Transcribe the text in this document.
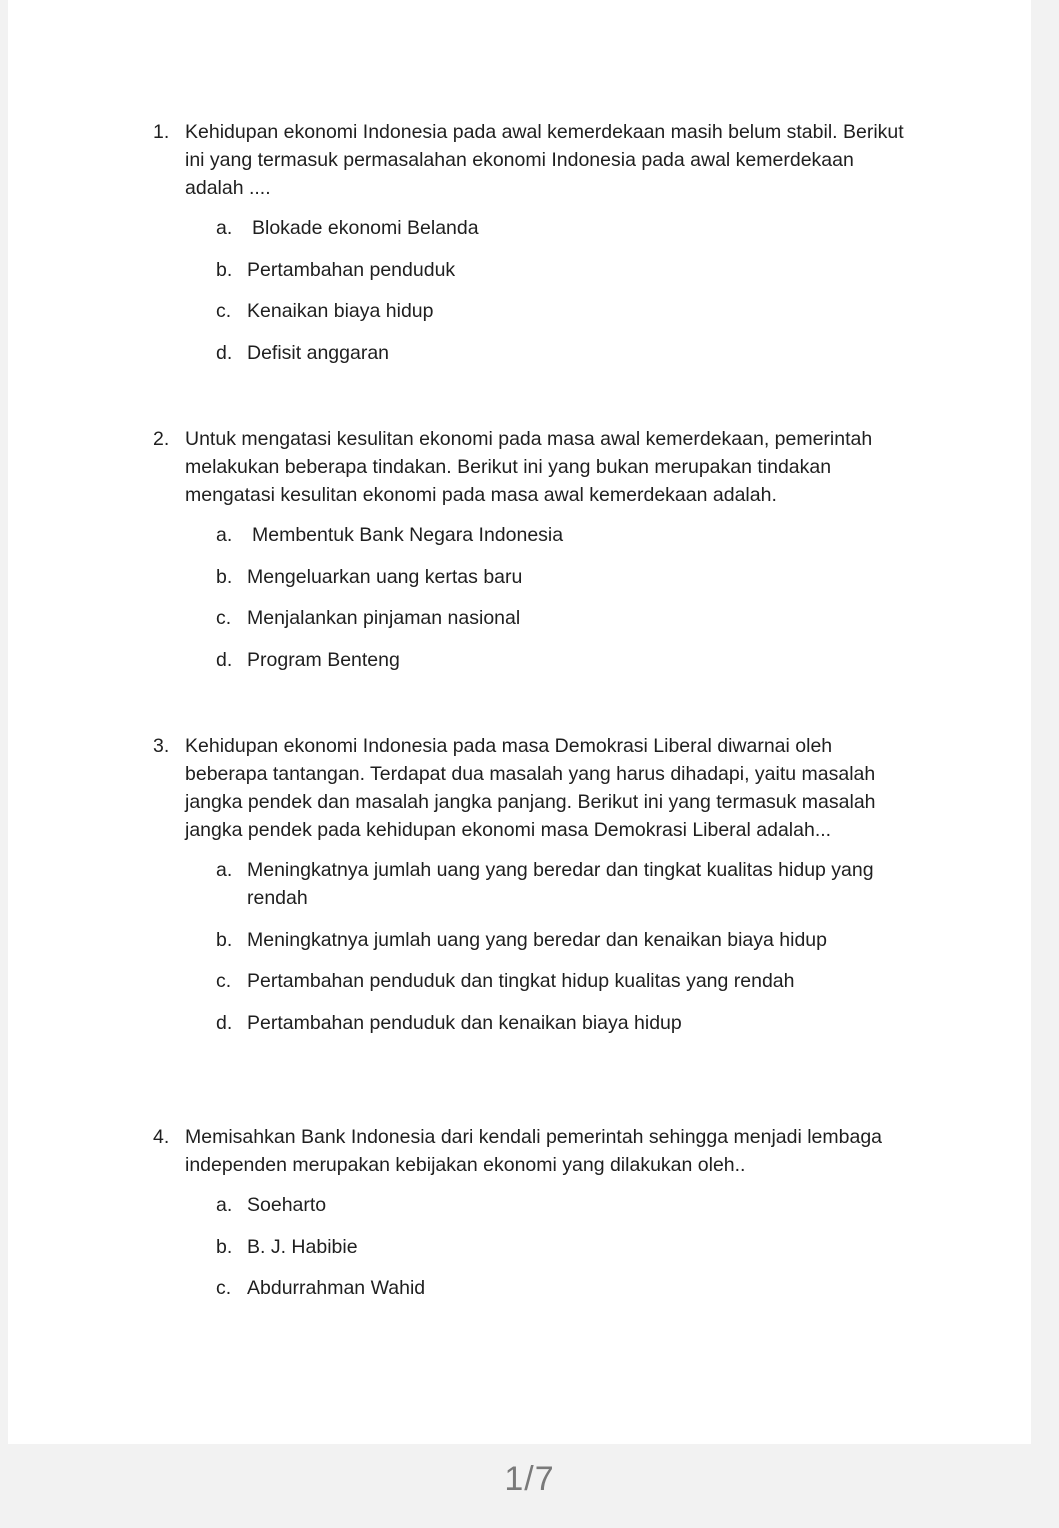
1. Kehidupan ekonomi Indonesia pada awal kemerdekaan masih belum stabil. Berikut ini yang termasuk permasalahan ekonomi Indonesia pada awal kemerdekaan adalah ....
a. Blokade ekonomi Belanda
b. Pertambahan penduduk
c. Kenaikan biaya hidup
d. Defisit anggaran
2. Untuk mengatasi kesulitan ekonomi pada masa awal kemerdekaan, pemerintah melakukan beberapa tindakan. Berikut ini yang bukan merupakan tindakan mengatasi kesulitan ekonomi pada masa awal kemerdekaan adalah.
a. Membentuk Bank Negara Indonesia
b. Mengeluarkan uang kertas baru
c. Menjalankan pinjaman nasional
d. Program Benteng
3. Kehidupan ekonomi Indonesia pada masa Demokrasi Liberal diwarnai oleh beberapa tantangan. Terdapat dua masalah yang harus dihadapi, yaitu masalah jangka pendek dan masalah jangka panjang. Berikut ini yang termasuk masalah jangka pendek pada kehidupan ekonomi masa Demokrasi Liberal adalah...
a. Meningkatnya jumlah uang yang beredar dan tingkat kualitas hidup yang rendah
b. Meningkatnya jumlah uang yang beredar dan kenaikan biaya hidup
c. Pertambahan penduduk dan tingkat hidup kualitas yang rendah
d. Pertambahan penduduk dan kenaikan biaya hidup
4. Memisahkan Bank Indonesia dari kendali pemerintah sehingga menjadi lembaga independen merupakan kebijakan ekonomi yang dilakukan oleh..
a. Soeharto
b. B. J. Habibie
c. Abdurrahman Wahid
1/7
